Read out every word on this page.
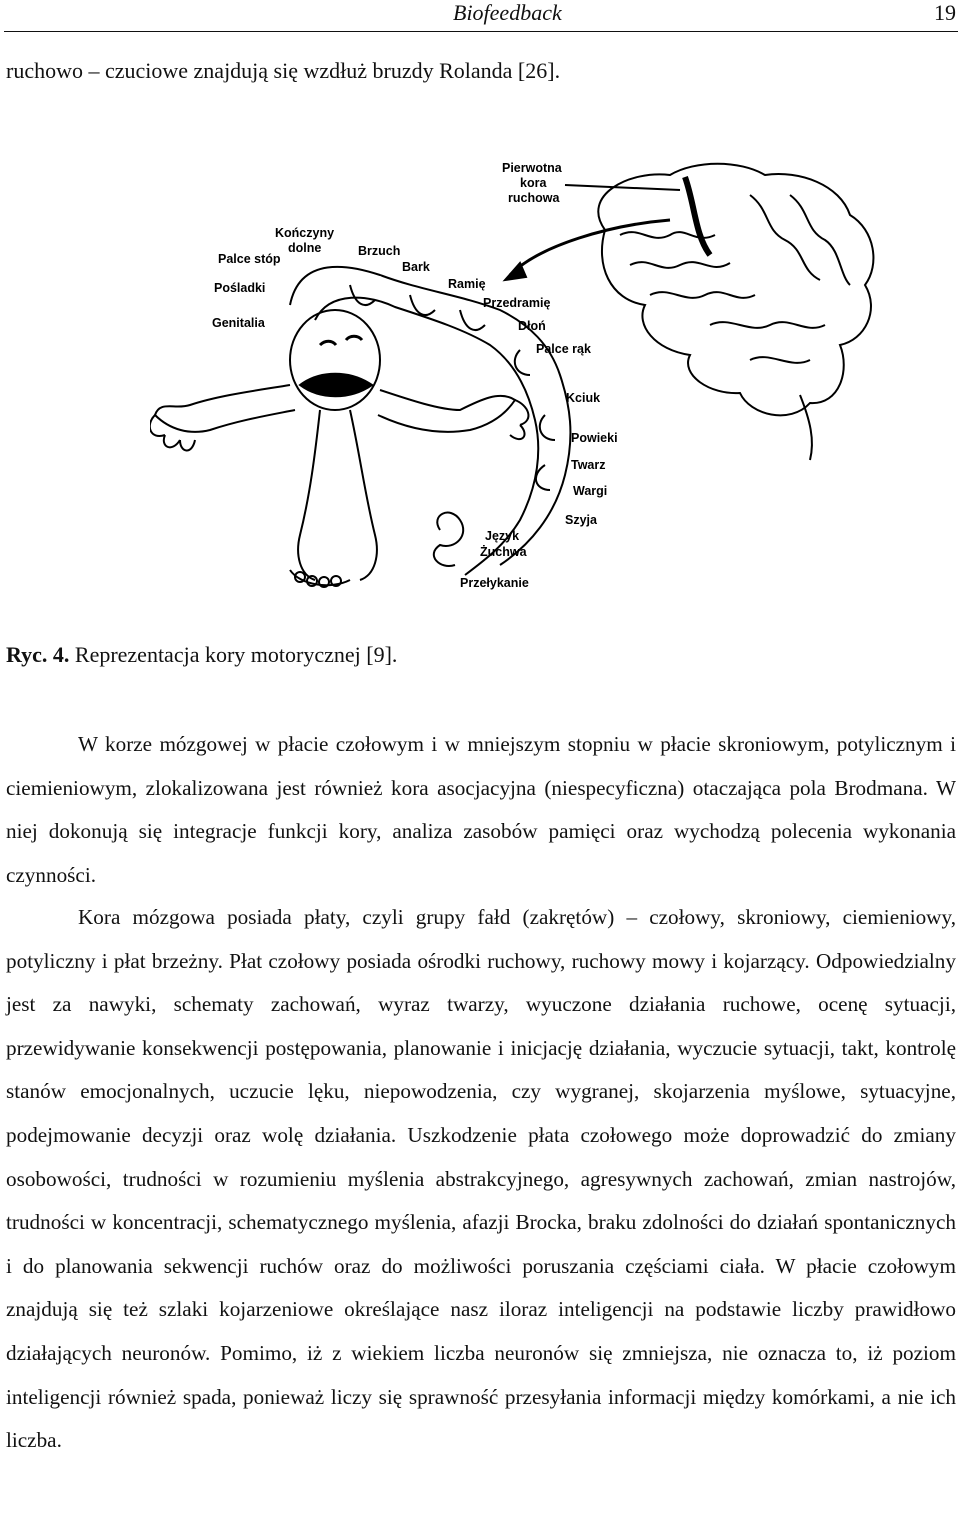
Biofeedback	19
ruchowo – czuciowe znajdują się wzdłuż bruzdy Rolanda [26].
Pierwotna
kora
ruchowa
Kończyny
dolne
Palce stóp
Pośladki
Genitalia
Brzuch
Bark
Ramię
Przedramię
Dłoń
Palce rąk
Kciuk
Powieki
Twarz
Wargi
Szyja
Język
Żuchwa
Przełykanie
Ryc. 4. Reprezentacja kory motorycznej [9].
W korze mózgowej w płacie czołowym i w mniejszym stopniu w płacie skroniowym, potylicznym i ciemieniowym, zlokalizowana jest również kora asocjacyjna (niespecyficzna) otaczająca pola Brodmana. W niej dokonują się integracje funkcji kory, analiza zasobów pamięci oraz wychodzą polecenia wykonania czynności.
Kora mózgowa posiada płaty, czyli grupy fałd (zakrętów) – czołowy, skroniowy, ciemieniowy, potyliczny i płat brzeżny. Płat czołowy posiada ośrodki ruchowy, ruchowy mowy i kojarzący. Odpowiedzialny jest za nawyki, schematy zachowań, wyraz twarzy, wyuczone działania ruchowe, ocenę sytuacji, przewidywanie konsekwencji postępowania, planowanie i inicjację działania, wyczucie sytuacji, takt, kontrolę stanów emocjonalnych, uczucie lęku, niepowodzenia, czy wygranej, skojarzenia myślowe, sytuacyjne, podejmowanie decyzji oraz wolę działania. Uszkodzenie płata czołowego może doprowadzić do zmiany osobowości, trudności w rozumieniu myślenia abstrakcyjnego, agresywnych zachowań, zmian nastrojów, trudności w koncentracji, schematycznego myślenia, afazji Brocka, braku zdolności do działań spontanicznych i do planowania sekwencji ruchów oraz do możliwości poruszania częściami ciała. W płacie czołowym znajdują się też szlaki kojarzeniowe określające nasz iloraz inteligencji na podstawie liczby prawidłowo działających neuronów. Pomimo, iż z wiekiem liczba neuronów się zmniejsza, nie oznacza to, iż poziom inteligencji również spada, ponieważ liczy się sprawność przesyłania informacji między komórkami, a nie ich liczba.
